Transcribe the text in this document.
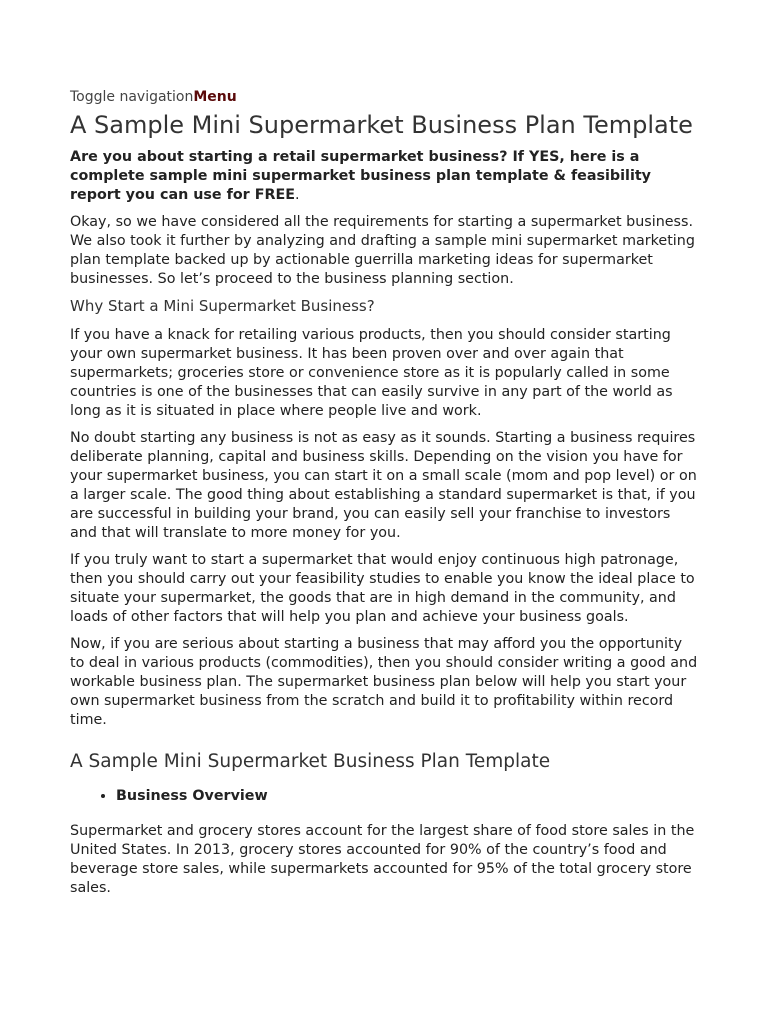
Toggle navigationMenu
A Sample Mini Supermarket Business Plan Template

Are you about starting a retail supermarket business? If YES, here is a complete sample mini supermarket business plan template & feasibility report you can use for FREE.

Okay, so we have considered all the requirements for starting a supermarket business. We also took it further by analyzing and drafting a sample mini supermarket marketing plan template backed up by actionable guerrilla marketing ideas for supermarket businesses. So let’s proceed to the business planning section.

Why Start a Mini Supermarket Business?

If you have a knack for retailing various products, then you should consider starting your own supermarket business. It has been proven over and over again that supermarkets; groceries store or convenience store as it is popularly called in some countries is one of the businesses that can easily survive in any part of the world as long as it is situated in place where people live and work.

No doubt starting any business is not as easy as it sounds. Starting a business requires deliberate planning, capital and business skills. Depending on the vision you have for your supermarket business, you can start it on a small scale (mom and pop level) or on a larger scale. The good thing about establishing a standard supermarket is that, if you are successful in building your brand, you can easily sell your franchise to investors and that will translate to more money for you.

If you truly want to start a supermarket that would enjoy continuous high patronage, then you should carry out your feasibility studies to enable you know the ideal place to situate your supermarket, the goods that are in high demand in the community, and loads of other factors that will help you plan and achieve your business goals.

Now, if you are serious about starting a business that may afford you the opportunity to deal in various products (commodities), then you should consider writing a good and workable business plan. The supermarket business plan below will help you start your own supermarket business from the scratch and build it to profitability within record time.

A Sample Mini Supermarket Business Plan Template
• Business Overview

Supermarket and grocery stores account for the largest share of food store sales in the United States. In 2013, grocery stores accounted for 90% of the country’s food and beverage store sales, while supermarkets accounted for 95% of the total grocery store sales.
